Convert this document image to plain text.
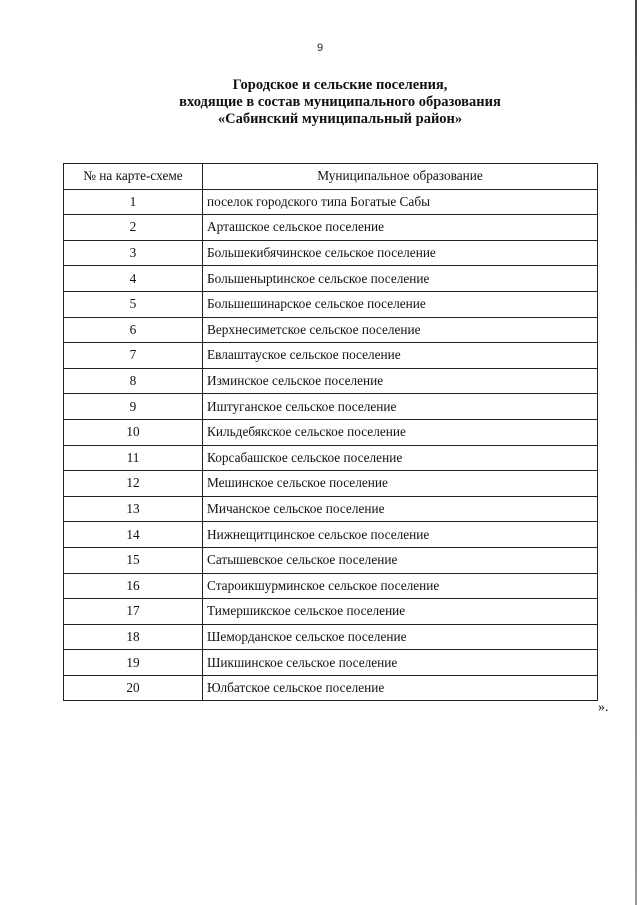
9
Городское и сельские поселения,
входящие в состав муниципального образования
«Сабинский муниципальный район»
№ на карте-схеме	Муниципальное образование
1	поселок городского типа Богатые Сабы
2	Арташское сельское поселение
3	Большекибячинское сельское поселение
4	Большенырtинское сельское поселение
5	Большешинарское сельское поселение
6	Верхнесиметское сельское поселение
7	Евлаштауское сельское поселение
8	Изминское сельское поселение
9	Иштуганское сельское поселение
10	Кильдебякское сельское поселение
11	Корсабашское сельское поселение
12	Мешинское сельское поселение
13	Мичанское сельское поселение
14	Нижнещитцинское сельское поселение
15	Сатышевское сельское поселение
16	Староикшурминское сельское поселение
17	Тимершикское сельское поселение
18	Шеморданское сельское поселение
19	Шикшинское сельское поселение
20	Юлбатское сельское поселение
».
